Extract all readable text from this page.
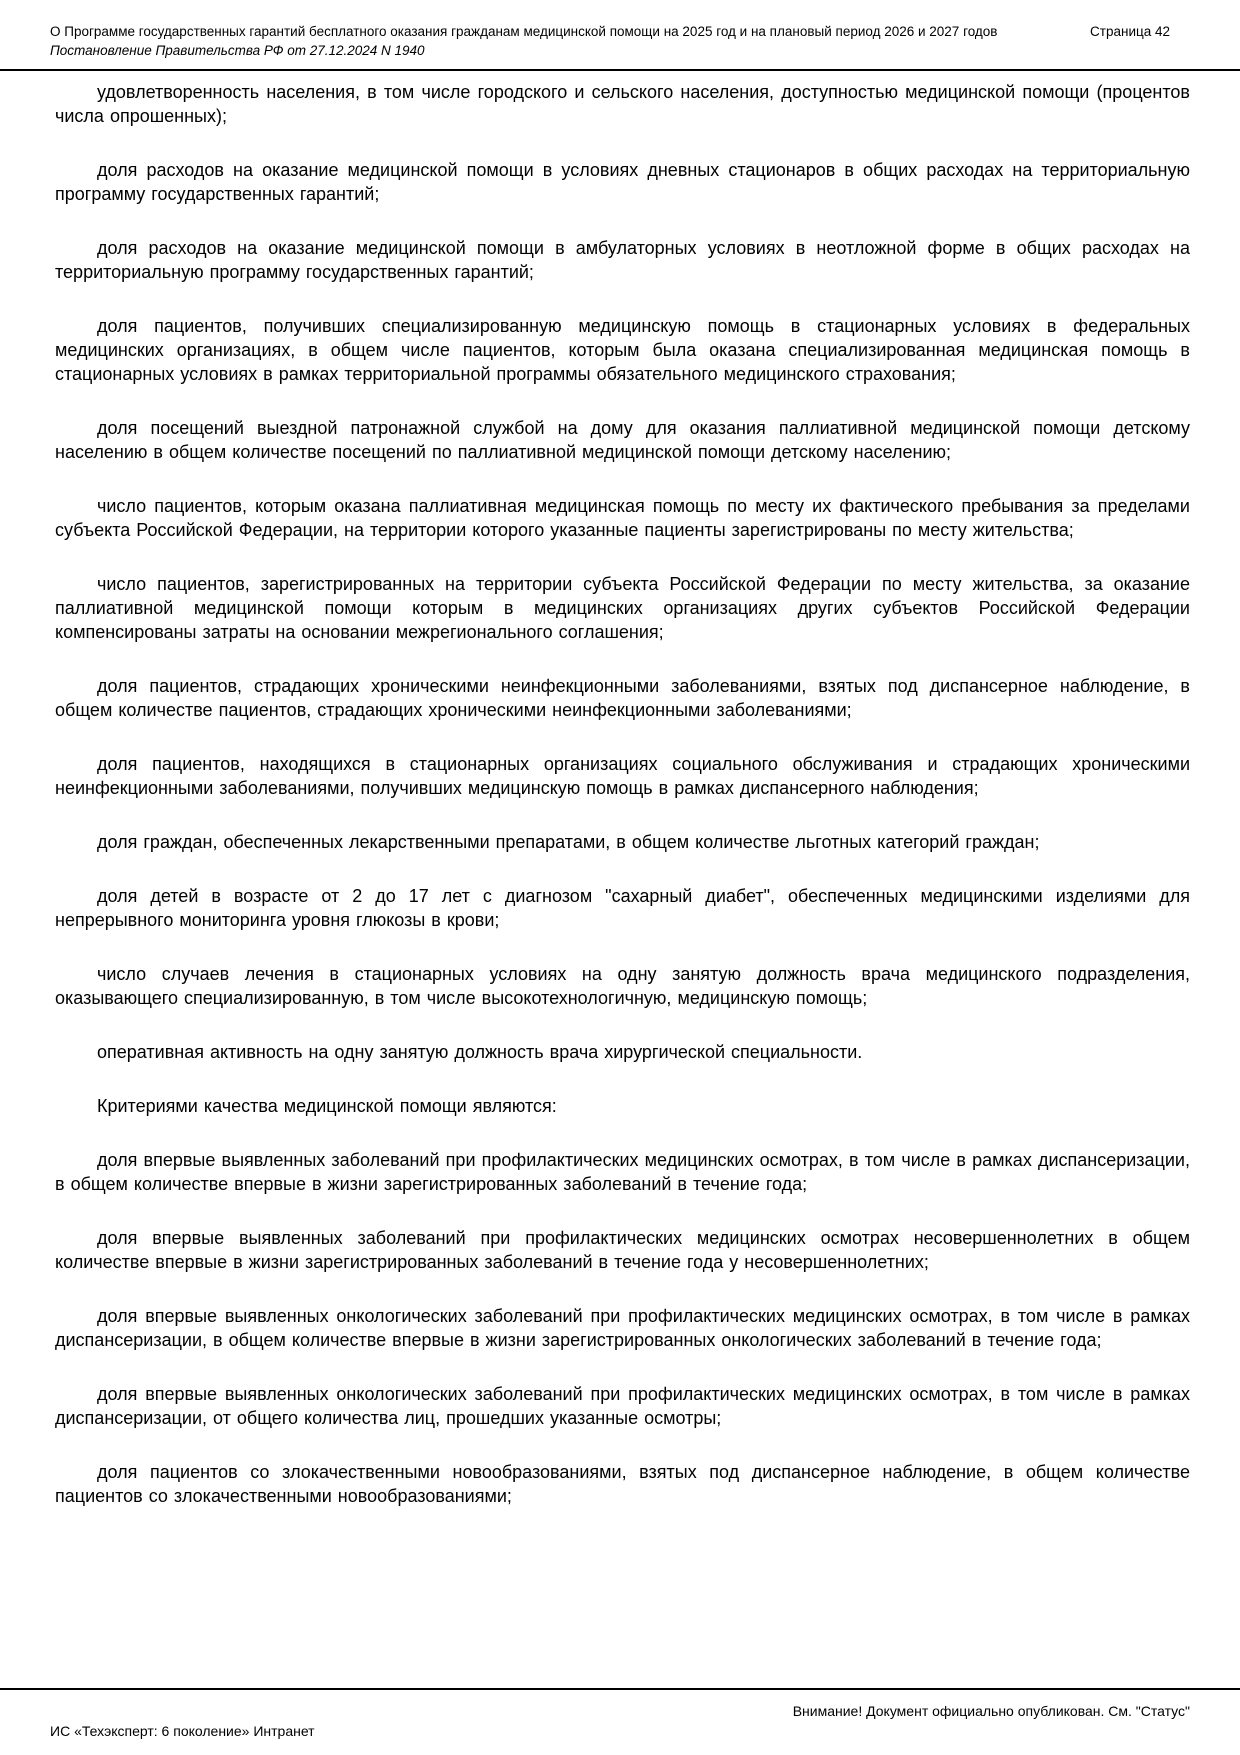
О Программе государственных гарантий бесплатного оказания гражданам медицинской помощи на 2025 год и на плановый период 2026 и 2027 годов	Страница 42
Постановление Правительства РФ от 27.12.2024 N 1940

удовлетворенность населения, в том числе городского и сельского населения, доступностью медицинской помощи (процентов числа опрошенных);

доля расходов на оказание медицинской помощи в условиях дневных стационаров в общих расходах на территориальную программу государственных гарантий;

доля расходов на оказание медицинской помощи в амбулаторных условиях в неотложной форме в общих расходах на территориальную программу государственных гарантий;

доля пациентов, получивших специализированную медицинскую помощь в стационарных условиях в федеральных медицинских организациях, в общем числе пациентов, которым была оказана специализированная медицинская помощь в стационарных условиях в рамках территориальной программы обязательного медицинского страхования;

доля посещений выездной патронажной службой на дому для оказания паллиативной медицинской помощи детскому населению в общем количестве посещений по паллиативной медицинской помощи детскому населению;

число пациентов, которым оказана паллиативная медицинская помощь по месту их фактического пребывания за пределами субъекта Российской Федерации, на территории которого указанные пациенты зарегистрированы по месту жительства;

число пациентов, зарегистрированных на территории субъекта Российской Федерации по месту жительства, за оказание паллиативной медицинской помощи которым в медицинских организациях других субъектов Российской Федерации компенсированы затраты на основании межрегионального соглашения;

доля пациентов, страдающих хроническими неинфекционными заболеваниями, взятых под диспансерное наблюдение, в общем количестве пациентов, страдающих хроническими неинфекционными заболеваниями;

доля пациентов, находящихся в стационарных организациях социального обслуживания и страдающих хроническими неинфекционными заболеваниями, получивших медицинскую помощь в рамках диспансерного наблюдения;

доля граждан, обеспеченных лекарственными препаратами, в общем количестве льготных категорий граждан;

доля детей в возрасте от 2 до 17 лет с диагнозом "сахарный диабет", обеспеченных медицинскими изделиями для непрерывного мониторинга уровня глюкозы в крови;

число случаев лечения в стационарных условиях на одну занятую должность врача медицинского подразделения, оказывающего специализированную, в том числе высокотехнологичную, медицинскую помощь;

оперативная активность на одну занятую должность врача хирургической специальности.

Критериями качества медицинской помощи являются:

доля впервые выявленных заболеваний при профилактических медицинских осмотрах, в том числе в рамках диспансеризации, в общем количестве впервые в жизни зарегистрированных заболеваний в течение года;

доля впервые выявленных заболеваний при профилактических медицинских осмотрах несовершеннолетних в общем количестве впервые в жизни зарегистрированных заболеваний в течение года у несовершеннолетних;

доля впервые выявленных онкологических заболеваний при профилактических медицинских осмотрах, в том числе в рамках диспансеризации, в общем количестве впервые в жизни зарегистрированных онкологических заболеваний в течение года;

доля впервые выявленных онкологических заболеваний при профилактических медицинских осмотрах, в том числе в рамках диспансеризации, от общего количества лиц, прошедших указанные осмотры;

доля пациентов со злокачественными новообразованиями, взятых под диспансерное наблюдение, в общем количестве пациентов со злокачественными новообразованиями;

Внимание! Документ официально опубликован. См. "Статус"
ИС «Техэксперт: 6 поколение» Интранет
